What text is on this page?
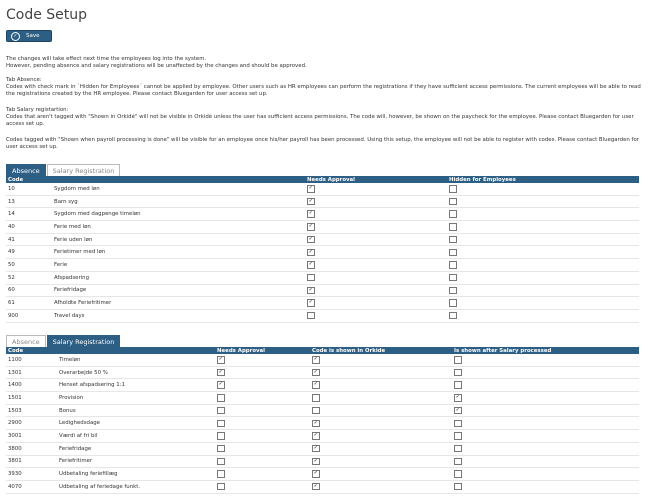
Code Setup
✓	Save
The changes will take effect next time the employees log into the system.
However, pending absence and salary registrations will be unaffected by the changes and should be approved.
Tab Absence:
Codes with check mark in `Hidden for Employees´ cannot be applied by employee. Other users such as HR employees can perform the registrations if they have sufficient access permissions. The current employees will be able to read the registrations created by the HR employee. Please contact Bluegarden for user access set up.
Tab Salary registartion:
Codes that aren't tagged with "Shown in Orkidé" will not be visible in Orkidé unless the user has sufficient access permissions. The code will, however, be shown on the paycheck for the employee. Please contact Bluegarden for user access set up.
Codes tagged with "Shown when payroll processing is done" will be visible for an employee once his/her payroll has been processed. Using this setup, the employee will not be able to register with codes. Please contact Bluegarden for user access set up.
Absence	Salary Registration
Code	Needs Approval	Hidden for Employees
10 Sygdom med løn	✓	
13 Barn syg	✓	
14 Sygdom med dagpenge timeløn	✓	
40 Ferie med løn	✓	
41 Ferie uden løn	✓	
49 Ferietimer med løn	✓	
50 Ferie	✓	
52 Afspadsering		
60 Feriefridage	✓	
61 Afholdte Feriefritimer	✓	
900 Travel days		
Absence	Salary Registration
Code	Needs Approval	Code is shown in Orkide	Is shown after Salary processed
1100 Timeløn	✓	✓	
1301 Overarbejde 50 %	✓	✓	
1400 Henset afspadsering 1:1	✓	✓	
1501 Provision			✓
1503 Bonus			✓
2900 Ledighedsdage		✓	
3001 Værdi af fri bil		✓	
3800 Feriefridage		✓	
3801 Feriefritimer		✓	
3930 Udbetaling feriefillæg		✓	
4070 Udbetaling af feriedage funkt.		✓	
